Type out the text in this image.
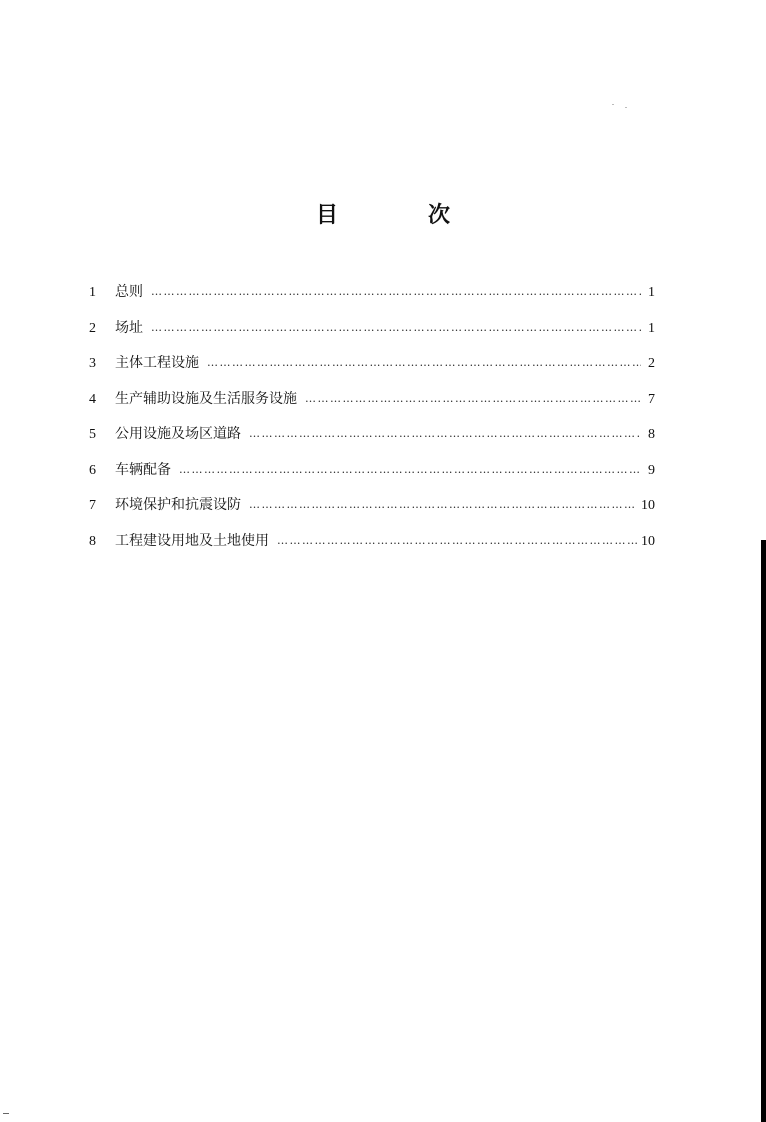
目　次
1	总则 ……………………………………………………………………………………………………………………………………………………………	1
2	场址 ……………………………………………………………………………………………………………………………………………………………	1
3	主体工程设施 ……………………………………………………………………………………………………………………………………………………………	2
4	生产辅助设施及生活服务设施 ……………………………………………………………………………………………………………………………………………………………	7
5	公用设施及场区道路 ……………………………………………………………………………………………………………………………………………………………	8
6	车辆配备 ……………………………………………………………………………………………………………………………………………………………	9
7	环境保护和抗震设防 ……………………………………………………………………………………………………………………………………………………………	10
8	工程建设用地及土地使用 ……………………………………………………………………………………………………………………………………………………………	10
